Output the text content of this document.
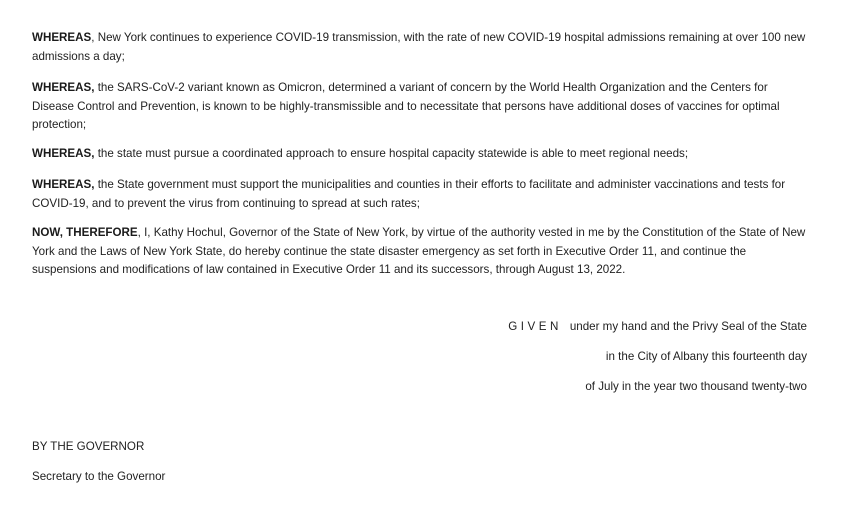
WHEREAS, New York continues to experience COVID-19 transmission, with the rate of new COVID-19 hospital admissions remaining at over 100 new admissions a day;

WHEREAS, the SARS-CoV-2 variant known as Omicron, determined a variant of concern by the World Health Organization and the Centers for Disease Control and Prevention, is known to be highly-transmissible and to necessitate that persons have additional doses of vaccines for optimal protection;

WHEREAS, the state must pursue a coordinated approach to ensure hospital capacity statewide is able to meet regional needs;

WHEREAS, the State government must support the municipalities and counties in their efforts to facilitate and administer vaccinations and tests for COVID-19, and to prevent the virus from continuing to spread at such rates;

NOW, THEREFORE, I, Kathy Hochul, Governor of the State of New York, by virtue of the authority vested in me by the Constitution of the State of New York and the Laws of New York State, do hereby continue the state disaster emergency as set forth in Executive Order 11, and continue the suspensions and modifications of law contained in Executive Order 11 and its successors, through August 13, 2022.

GIVEN under my hand and the Privy Seal of the State

in the City of Albany this fourteenth day

of July in the year two thousand twenty-two

BY THE GOVERNOR

Secretary to the Governor
